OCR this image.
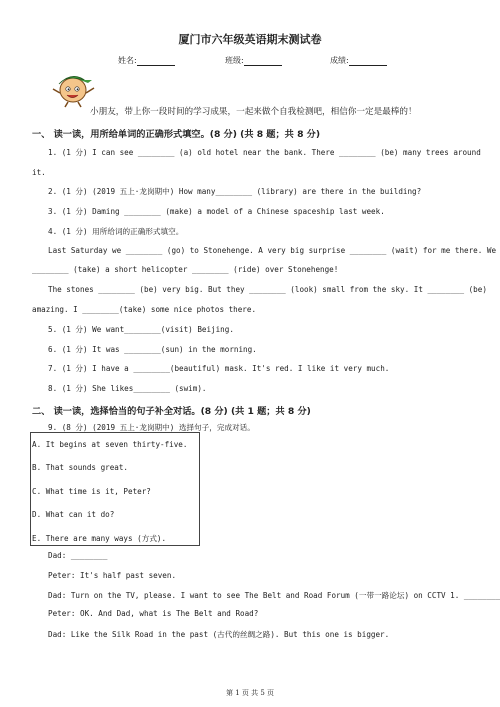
厦门市六年级英语期末测试卷
姓名:	班级:	成绩:
小朋友，带上你一段时间的学习成果，一起来做个自我检测吧，相信你一定是最棒的！
一、 读一读，用所给单词的正确形式填空。(8 分) (共 8 题；共 8 分)
1. (1 分) I can see ________ (a) old hotel near the bank. There ________ (be) many trees around
it.
2. (1 分) (2019 五上·龙岗期中) How many________ (library) are there in the building?
3. (1 分) Daming ________ (make) a model of a Chinese spaceship last week.
4. (1 分) 用所给词的正确形式填空。
Last Saturday we ________ (go) to Stonehenge. A very big surprise ________ (wait) for me there. We
________ (take) a short helicopter ________ (ride) over Stonehenge!
The stones ________ (be) very big. But they ________ (look) small from the sky. It ________ (be)
amazing. I ________(take) some nice photos there.
5. (1 分) We want________(visit) Beijing.
6. (1 分) It was ________(sun) in the morning.
7. (1 分) I have a ________(beautiful) mask. It's red. I like it very much.
8. (1 分) She likes________ (swim).
二、 读一读，选择恰当的句子补全对话。(8 分) (共 1 题；共 8 分)
9. (8 分) (2019 五上·龙岗期中) 选择句子，完成对话。
A. It begins at seven thirty-five.
B. That sounds great.
C. What time is it, Peter?
D. What can it do?
E. There are many ways (方式).
Dad: ________
Peter: It's half past seven.
Dad: Turn on the TV, please. I want to see The Belt and Road Forum (一带一路论坛) on CCTV 1. ________
Peter: OK. And Dad, what is The Belt and Road?
Dad: Like the Silk Road in the past (古代的丝绸之路). But this one is bigger.
第 1 页 共 5 页
